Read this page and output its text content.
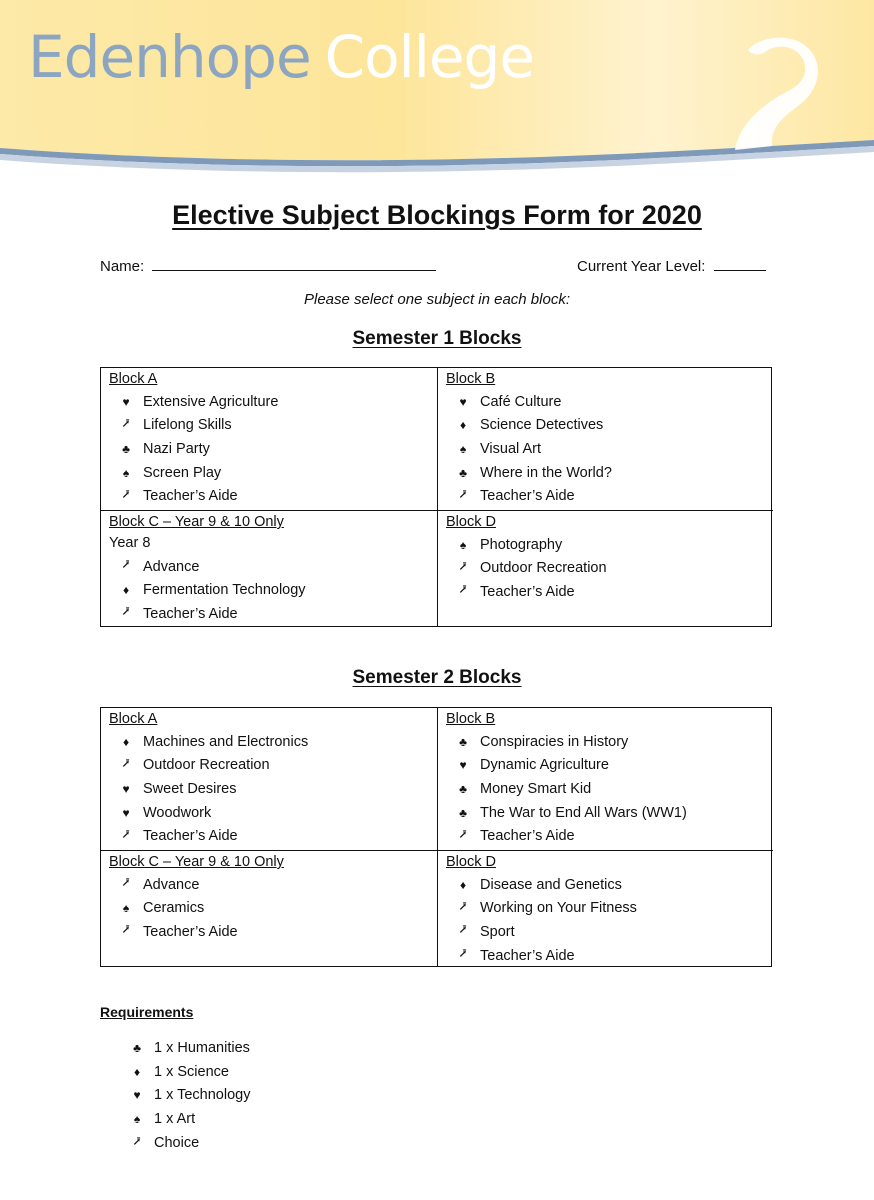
Edenhope College
Elective Subject Blockings Form for 2020
Name:	Current Year Level:
Please select one subject in each block:
Semester 1 Blocks
Block A
♥ Extensive Agriculture
⭷ Lifelong Skills
♣ Nazi Party
♠ Screen Play
⭷ Teacher’s Aide
Block B
♥ Café Culture
♦ Science Detectives
♠ Visual Art
♣ Where in the World?
⭷ Teacher’s Aide
Block C – Year 9 & 10 Only
Year 8
⭷ Advance
♦ Fermentation Technology
⭷ Teacher’s Aide
Block D
♠ Photography
⭷ Outdoor Recreation
⭷ Teacher’s Aide
Semester 2 Blocks
Block A
♦ Machines and Electronics
⭷ Outdoor Recreation
♥ Sweet Desires
♥ Woodwork
⭷ Teacher’s Aide
Block B
♣ Conspiracies in History
♥ Dynamic Agriculture
♣ Money Smart Kid
♣ The War to End All Wars (WW1)
⭷ Teacher’s Aide
Block C – Year 9 & 10 Only
⭷ Advance
♠ Ceramics
⭷ Teacher’s Aide
Block D
♦ Disease and Genetics
⭷ Working on Your Fitness
⭷ Sport
⭷ Teacher’s Aide
Requirements
♣ 1 x Humanities
♦ 1 x Science
♥ 1 x Technology
♠ 1 x Art
⭷ Choice
